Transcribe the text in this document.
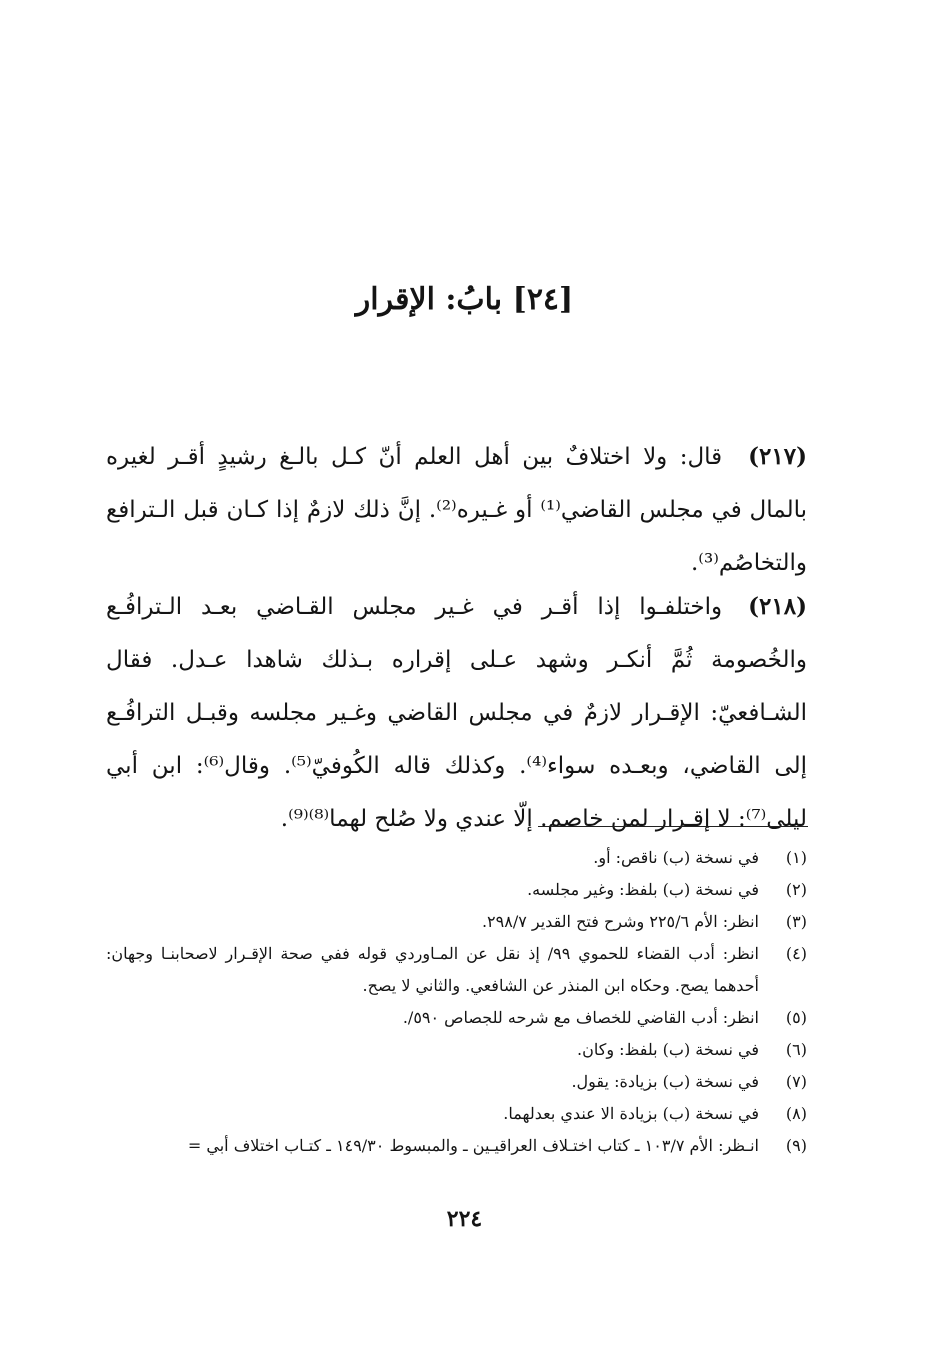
[٢٤] بابُ: الإقرار
(٢١٧)قال: ولا اختلافٌ بين أهل العلم أنّ كـل بالـغ رشيدٍ أقـر لغيره بالمال في مجلس القاضي⁽¹⁾ أو غـيره⁽²⁾. إنَّ ذلك لازمٌ إذا كـان قبل الـترافع والتخاصُم⁽³⁾.
(٢١٨)واختلفـوا إذا أقـر في غـير مجلس القـاضي بعـد الـترافُـع والخُصومة ثُمَّ أنكـر وشهد عـلى إقراره بـذلك شاهدا عـدل. فقال الشـافعيّ: الإقـرار لازمٌ في مجلس القاضي وغـير مجلسه وقبـل الترافُـع إلى القاضي، وبعـده سواء⁽⁴⁾. وكذلك قاله الكُوفيّ⁽⁵⁾. وقال⁽⁶⁾: ابن أبي ليلى⁽⁷⁾: لا إقـرار لمن خاصم. إلّا عندي ولا صُلح لهما⁽⁸⁾⁽⁹⁾.
(١)
في نسخة (ب) ناقص: أو.
(٢)
في نسخة (ب) بلفظ: وغير مجلسه.
(٣)
انظر: الأم ٢٢٥/٦ وشرح فتح القدير ٢٩٨/٧.
(٤)
انظر: أدب القضاء للحموي ٩٩/ إذ نقل عن المـاوردي قوله ففي صحة الإقـرار لاصحابنـا وجهان: أحدهما يصح. وحكاه ابن المنذر عن الشافعي. والثاني لا يصح.
(٥)
انظر: أدب القاضي للخصاف مع شرحه للجصاص ٥٩٠/.
(٦)
في نسخة (ب) بلفظ: وكان.
(٧)
في نسخة (ب) بزيادة: يقول.
(٨)
في نسخة (ب) بزيادة الا عندي بعدلهما.
(٩)
انـظر: الأم ١٠٣/٧ ـ كتاب اختـلاف العراقيـين ـ والمبسوط ١٤٩/٣٠ ـ كتـاب اختلاف أبي =
٢٢٤
